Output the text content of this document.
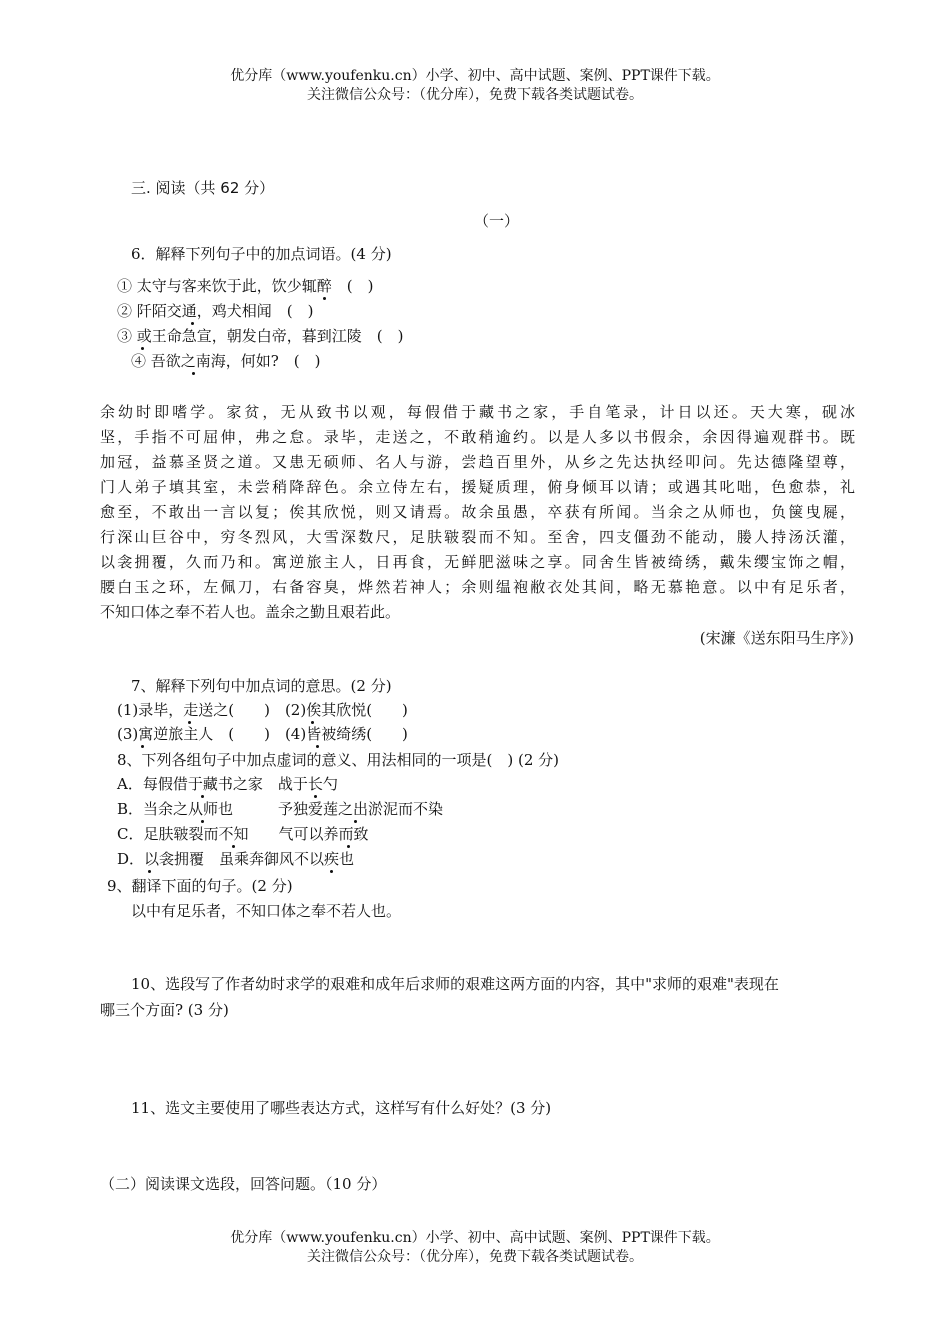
优分库（www.youfenku.cn）小学、初中、高中试题、案例、PPT课件下载。
关注微信公众号：（优分库），免费下载各类试题试卷。
三. 阅读（共 62 分）
（一）
6．解释下列句子中的加点词语。(4 分)
① 太守与客来饮于此，饮少辄醉　(　)
② 阡陌交通，鸡犬相闻　(　)
③ 或王命急宣，朝发白帝，暮到江陵　(　)
④ 吾欲之南海，何如?　(　)
余幼时即嗜学。家贫，无从致书以观，每假借于藏书之家，手自笔录，计日以还。天大寒，砚冰
坚，手指不可屈伸，弗之怠。录毕，走送之，不敢稍逾约。以是人多以书假余，余因得遍观群书。既
加冠，益慕圣贤之道。又患无硕师、名人与游，尝趋百里外，从乡之先达执经叩问。先达德隆望尊，
门人弟子填其室，未尝稍降辞色。余立侍左右，援疑质理，俯身倾耳以请；或遇其叱咄，色愈恭，礼
愈至，不敢出一言以复；俟其欣悦，则又请焉。故余虽愚，卒获有所闻。当余之从师也，负箧曳屣，
行深山巨谷中，穷冬烈风，大雪深数尺，足肤皲裂而不知。至舍，四支僵劲不能动，媵人持汤沃灌，
以衾拥覆，久而乃和。寓逆旅主人，日再食，无鲜肥滋味之享。同舍生皆被绮绣，戴朱缨宝饰之帽，
腰白玉之环，左佩刀，右备容臭，烨然若神人；余则缊袍敝衣处其间，略无慕艳意。以中有足乐者，
不知口体之奉不若人也。盖余之勤且艰若此。
(宋濂《送东阳马生序》)
7、解释下列句中加点词的意思。(2 分)
(1)录毕，走送之(　　)　(2)俟其欣悦(　　)
(3)寓逆旅主人　(　　)　(4)皆被绮绣(　　)
8、下列各组句子中加点虚词的意义、用法相同的一项是(　) (2 分)
A．每假借于藏书之家　战于长勺
B．当余之从师也　　　予独爱莲之出淤泥而不染
C．足肤皲裂而不知　　气可以养而致
D．以衾拥覆　虽乘奔御风不以疾也
9、翻译下面的句子。(2 分)
以中有足乐者，不知口体之奉不若人也。
10、选段写了作者幼时求学的艰难和成年后求师的艰难这两方面的内容，其中"求师的艰难"表现在
哪三个方面? (3 分)
11、选文主要使用了哪些表达方式，这样写有什么好处？(3 分)
（二）阅读课文选段，回答问题。（10 分）
优分库（www.youfenku.cn）小学、初中、高中试题、案例、PPT课件下载。
关注微信公众号：（优分库），免费下载各类试题试卷。
